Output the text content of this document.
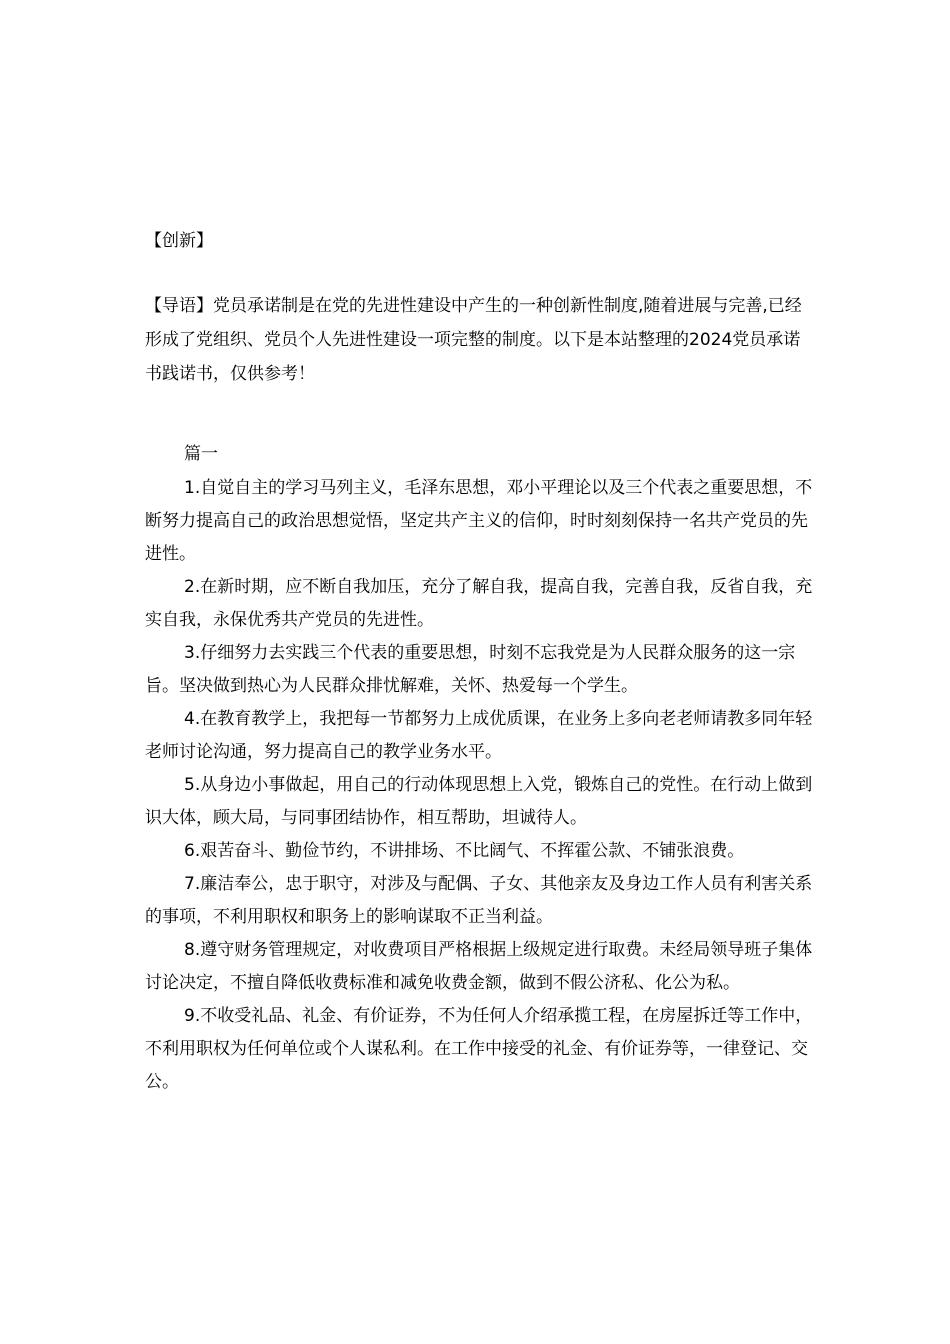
【创新】
【导语】党员承诺制是在党的先进性建设中产生的一种创新性制度,随着进展与完善,已经形成了党组织、党员个人先进性建设一项完整的制度。以下是本站整理的2024党员承诺书践诺书，仅供参考！
篇一

1.自觉自主的学习马列主义，毛泽东思想，邓小平理论以及三个代表之重要思想，不断努力提高自己的政治思想觉悟，坚定共产主义的信仰，时时刻刻保持一名共产党员的先进性。

2.在新时期，应不断自我加压，充分了解自我，提高自我，完善自我，反省自我，充实自我，永保优秀共产党员的先进性。

3.仔细努力去实践三个代表的重要思想，时刻不忘我党是为人民群众服务的这一宗旨。坚决做到热心为人民群众排忧解难，关怀、热爱每一个学生。

4.在教育教学上，我把每一节都努力上成优质课，在业务上多向老老师请教多同年轻老师讨论沟通，努力提高自己的教学业务水平。

5.从身边小事做起，用自己的行动体现思想上入党，锻炼自己的党性。在行动上做到识大体，顾大局，与同事团结协作，相互帮助，坦诚待人。

6.艰苦奋斗、勤俭节约，不讲排场、不比阔气、不挥霍公款、不铺张浪费。

7.廉洁奉公，忠于职守，对涉及与配偶、子女、其他亲友及身边工作人员有利害关系的事项，不利用职权和职务上的影响谋取不正当利益。

8.遵守财务管理规定，对收费项目严格根据上级规定进行取费。未经局领导班子集体讨论决定，不擅自降低收费标准和减免收费金额，做到不假公济私、化公为私。

9.不收受礼品、礼金、有价证券，不为任何人介绍承揽工程，在房屋拆迁等工作中，不利用职权为任何单位或个人谋私利。在工作中接受的礼金、有价证券等，一律登记、交公。
